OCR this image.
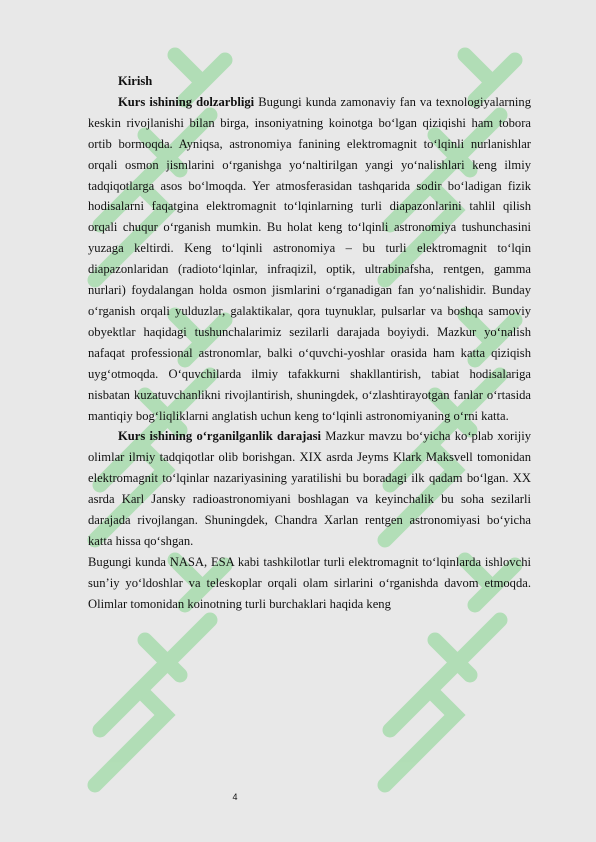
Kirish

Kurs ishining dolzarbligi Bugungi kunda zamonaviy fan va texnologiyalarning keskin rivojlanishi bilan birga, insoniyatning koinotga bo‘lgan qiziqishi ham tobora ortib bormoqda. Ayniqsa, astronomiya fanining elektromagnit to‘lqinli nurlanishlar orqali osmon jismlarini o‘rganishga yo‘naltirilgan yangi yo‘nalishlari keng ilmiy tadqiqotlarga asos bo‘lmoqda. Yer atmosferasidan tashqarida sodir bo‘ladigan fizik hodisalarni faqatgina elektromagnit to‘lqinlarning turli diapazonlarini tahlil qilish orqali chuqur o‘rganish mumkin. Bu holat keng to‘lqinli astronomiya tushunchasini yuzaga keltirdi. Keng to‘lqinli astronomiya – bu turli elektromagnit to‘lqin diapazonlaridan (radioto‘lqinlar, infraqizil, optik, ultrabinafsha, rentgen, gamma nurlari) foydalangan holda osmon jismlarini o‘rganadigan fan yo‘nalishidir. Bunday o‘rganish orqali yulduzlar, galaktikalar, qora tuynuklar, pulsarlar va boshqa samoviy obyektlar haqidagi tushunchalarimiz sezilarli darajada boyiydi. Mazkur yo‘nalish nafaqat professional astronomlar, balki o‘quvchi-yoshlar orasida ham katta qiziqish uyg‘otmoqda. O‘quvchilarda ilmiy tafakkurni shakllantirish, tabiat hodisalariga nisbatan kuzatuvchanlikni rivojlantirish, shuningdek, o‘zlashtirayotgan fanlar o‘rtasida mantiqiy bog‘liqliklarni anglatish uchun keng to‘lqinli astronomiyaning o‘rni katta.

Kurs ishining o‘rganilganlik darajasi Mazkur mavzu bo‘yicha ko‘plab xorijiy olimlar ilmiy tadqiqotlar olib borishgan. XIX asrda Jeyms Klark Maksvell tomonidan elektromagnit to‘lqinlar nazariyasining yaratilishi bu boradagi ilk qadam bo‘lgan. XX asrda Karl Jansky radioastronomiyani boshlagan va keyinchalik bu soha sezilarli darajada rivojlangan. Shuningdek, Chandra Xarlan rentgen astronomiyasi bo‘yicha katta hissa qo‘shgan.

Bugungi kunda NASA, ESA kabi tashkilotlar turli elektromagnit to‘lqinlarda ishlovchi sun’iy yo‘ldoshlar va teleskoplar orqali olam sirlarini o‘rganishda davom etmoqda. Olimlar tomonidan koinotning turli burchaklari haqida keng

4
